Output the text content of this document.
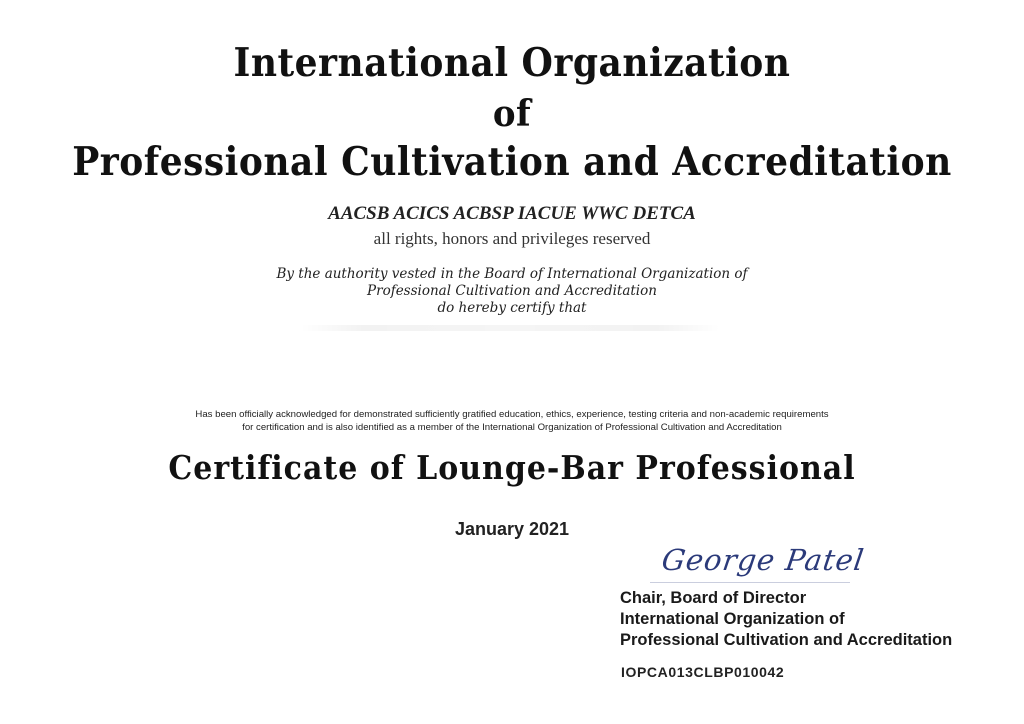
International Organization
of
Professional Cultivation and Accreditation
AACSB ACICS ACBSP IACUE WWC DETCA
all rights, honors and privileges reserved
By the authority vested in the Board of International Organization of
Professional Cultivation and Accreditation
do hereby certify that
Has been officially acknowledged for demonstrated sufficiently gratified education, ethics, experience, testing criteria and non-academic requirements
for certification and is also identified as a member of the International Organization of Professional Cultivation and Accreditation
Certificate of Lounge-Bar Professional
January 2021
George Patel
Chair, Board of Director
International Organization of
Professional Cultivation and Accreditation
IOPCA013CLBP010042
